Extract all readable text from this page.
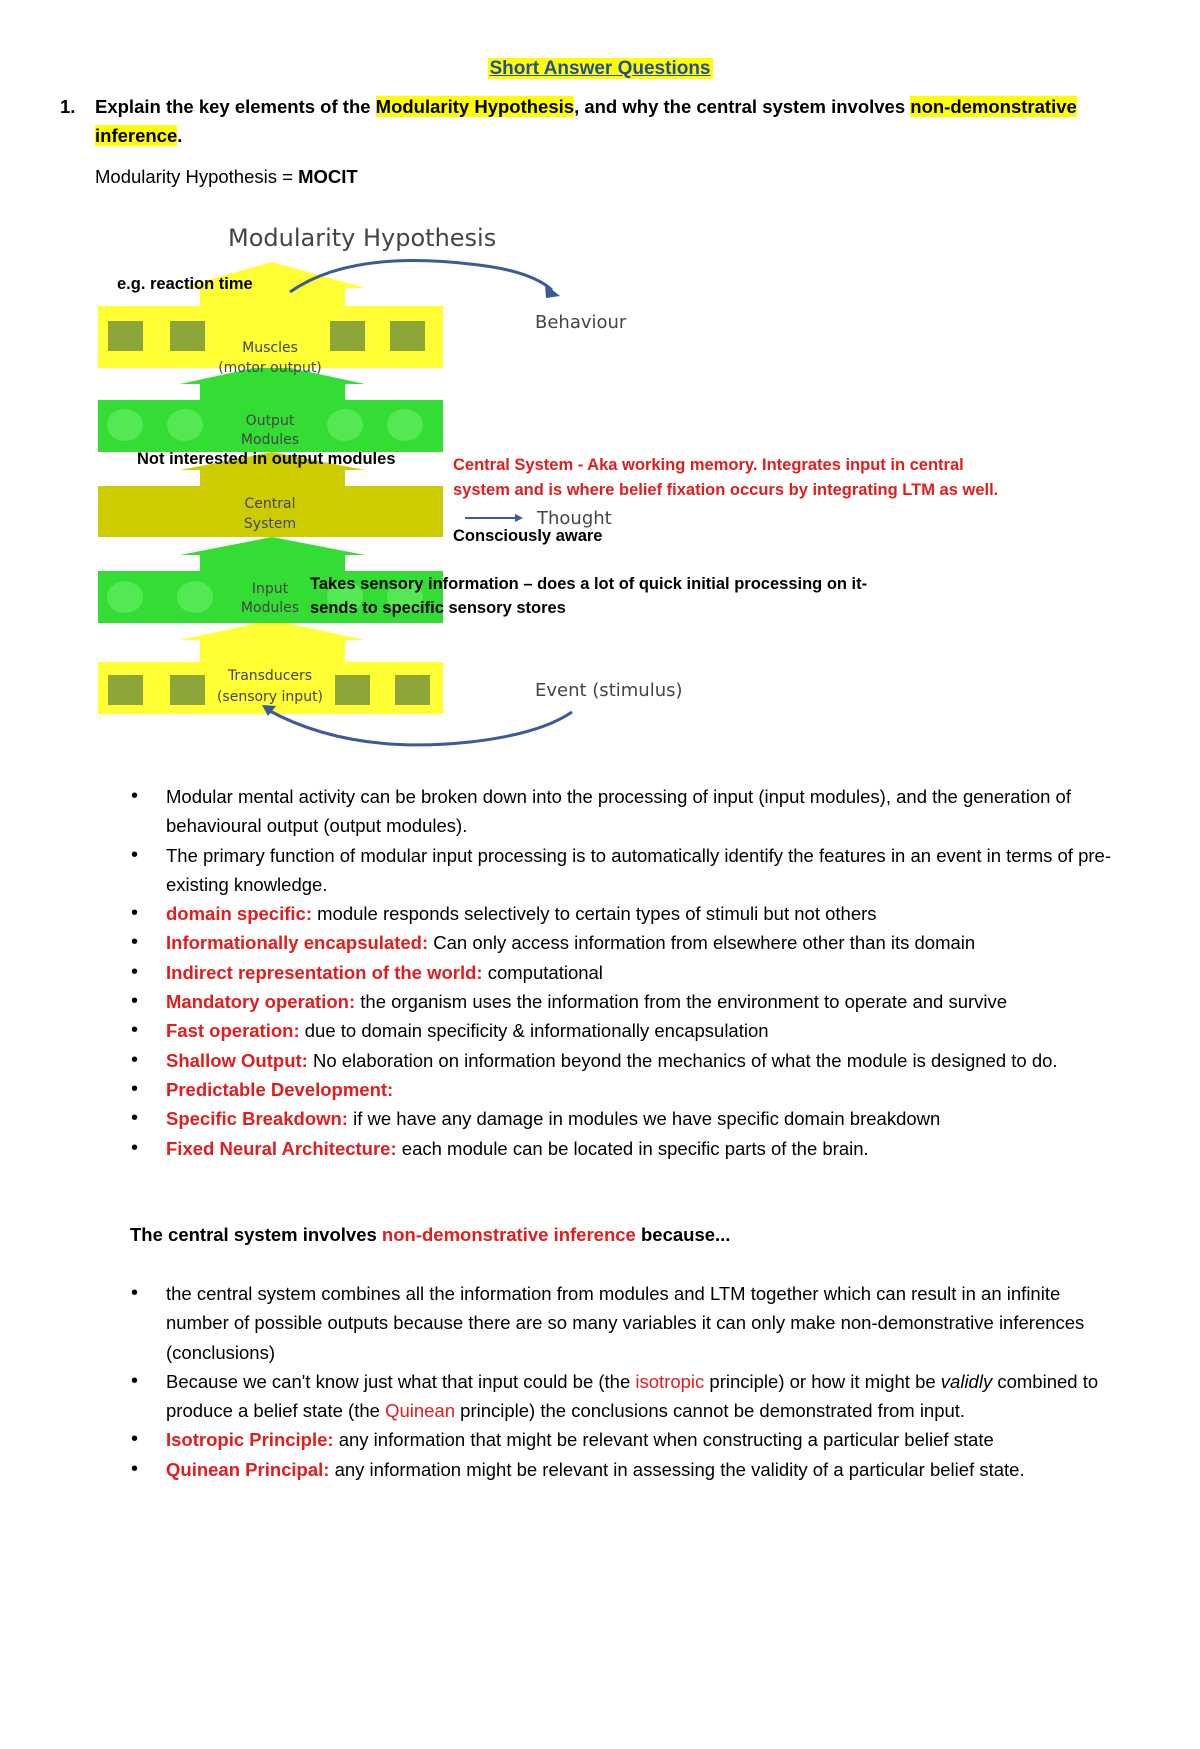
Short Answer Questions
1. Explain the key elements of the Modularity Hypothesis, and why the central system involves non-demonstrative
inference.
Modularity Hypothesis = MOCIT
Muscles
(motor output)
Output
Modules
Central
System
Input
Modules
Transducers
(sensory input)
Modularity Hypothesis
Behaviour
Thought
Event (stimulus)
e.g. reaction time
Not interested in output modules	Central System - Aka working memory. Integrates input in central
system and is where belief fixation occurs by integrating LTM as well.
Consciously aware
Takes sensory information – does a lot of quick initial processing on it-
sends to specific sensory stores
• Modular mental activity can be broken down into the processing of input (input modules), and the generation of behavioural output (output modules).
• The primary function of modular input processing is to automatically identify the features in an event in terms of pre-existing knowledge.
• domain specific: module responds selectively to certain types of stimuli but not others
• Informationally encapsulated: Can only access information from elsewhere other than its domain
• Indirect representation of the world: computational
• Mandatory operation: the organism uses the information from the environment to operate and survive
• Fast operation: due to domain specificity & informationally encapsulation
• Shallow Output: No elaboration on information beyond the mechanics of what the module is designed to do.
• Predictable Development:
• Specific Breakdown: if we have any damage in modules we have specific domain breakdown
• Fixed Neural Architecture: each module can be located in specific parts of the brain.
The central system involves non-demonstrative inference because...
• the central system combines all the information from modules and LTM together which can result in an infinite number of possible outputs because there are so many variables it can only make non-demonstrative inferences (conclusions)
• Because we can't know just what that input could be (the isotropic principle) or how it might be validly combined to produce a belief state (the Quinean principle) the conclusions cannot be demonstrated from input.
• Isotropic Principle: any information that might be relevant when constructing a particular belief state
• Quinean Principal: any information might be relevant in assessing the validity of a particular belief state.
